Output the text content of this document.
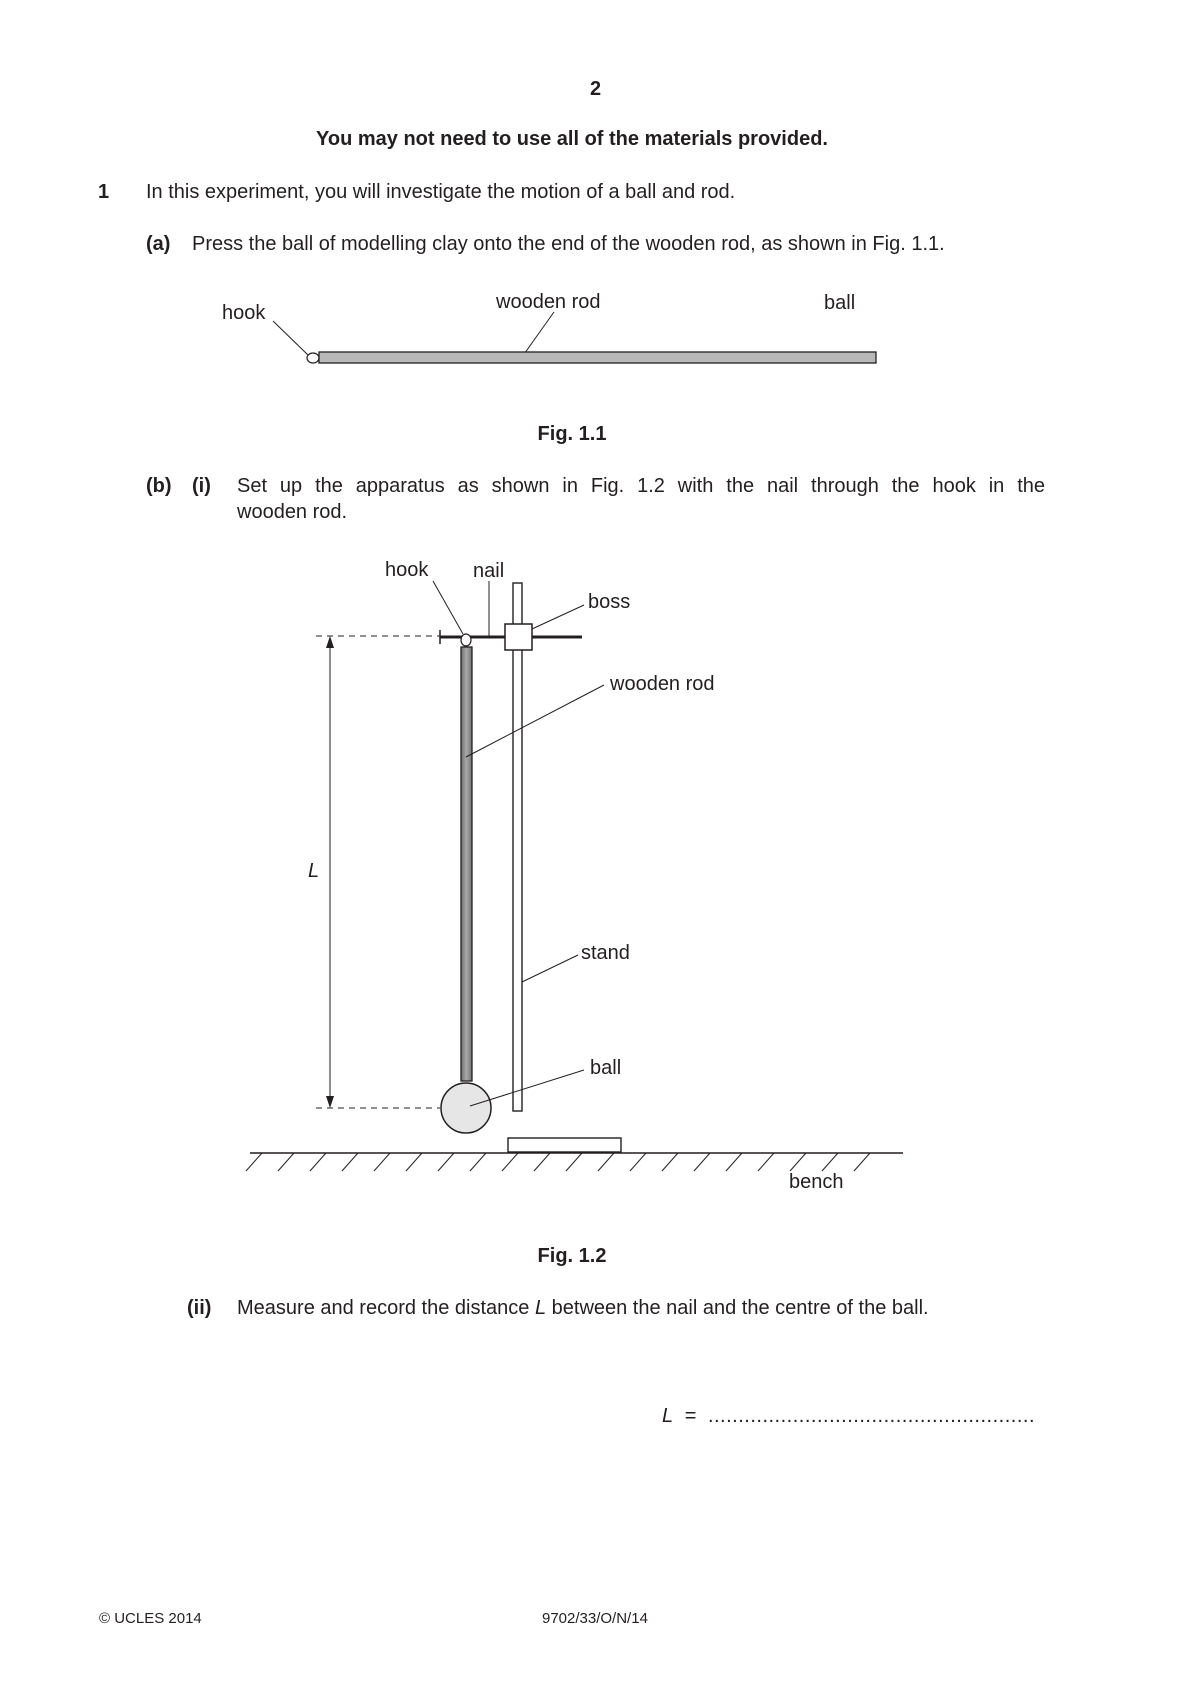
2
You may not need to use all of the materials provided.
1 In this experiment, you will investigate the motion of a ball and rod.
(a) Press the ball of modelling clay onto the end of the wooden rod, as shown in Fig. 1.1.
hook	wooden rod	ball
Fig. 1.1
(b) (i) Set up the apparatus as shown in Fig. 1.2 with the nail through the hook in the
wooden rod.
hook nail
boss
wooden rod
L
stand
ball
bench
Fig. 1.2
(ii) Measure and record the distance L between the nail and the centre of the ball.
L = ......................................................
© UCLES 2014	9702/33/O/N/14
